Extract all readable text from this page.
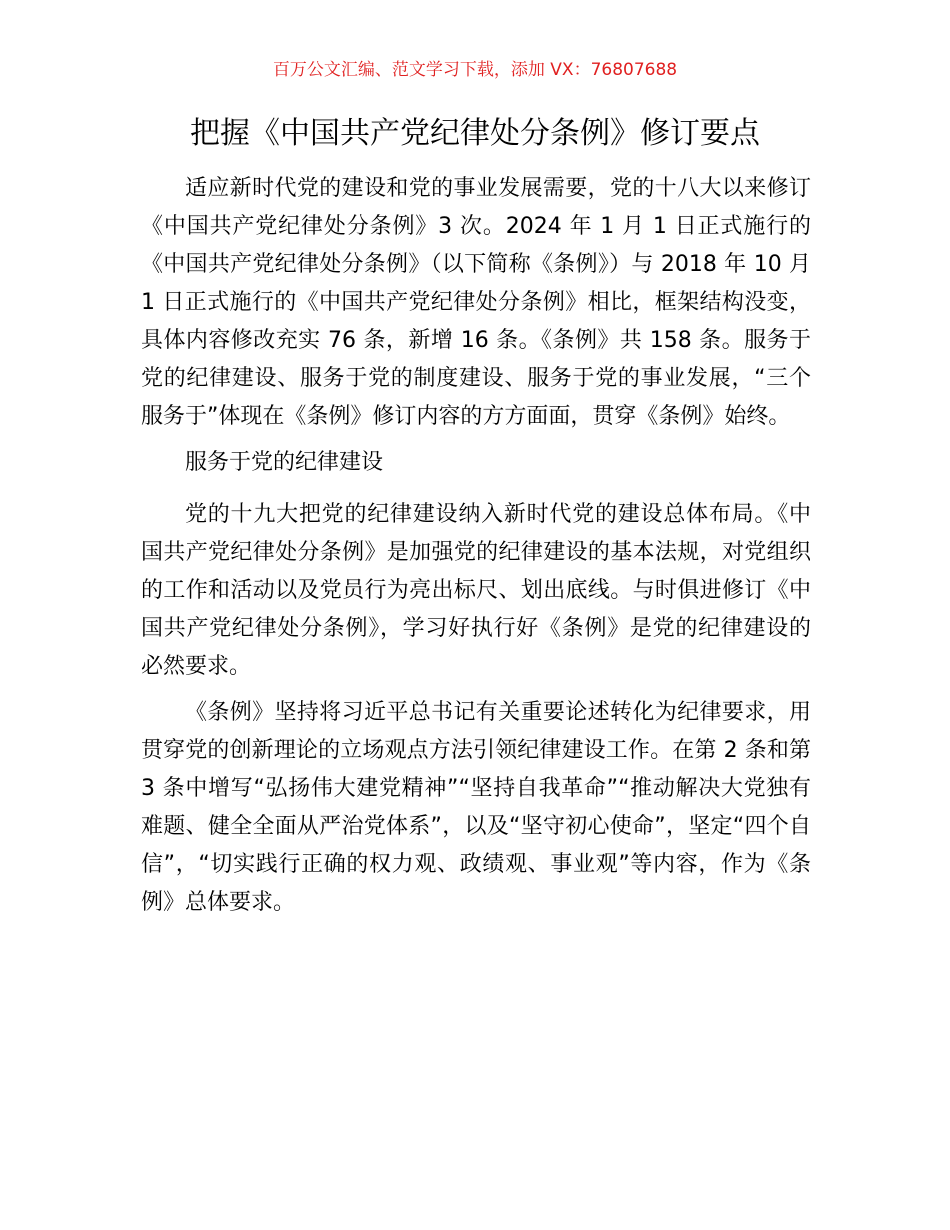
百万公文汇编、范文学习下载，添加 VX：76807688
把握《中国共产党纪律处分条例》修订要点

适应新时代党的建设和党的事业发展需要，党的十八大以来修订《中国共产党纪律处分条例》3 次。2024 年 1 月 1 日正式施行的《中国共产党纪律处分条例》（以下简称《条例》）与 2018 年 10 月 1 日正式施行的《中国共产党纪律处分条例》相比，框架结构没变，具体内容修改充实 76 条，新增 16 条。《条例》共 158 条。服务于党的纪律建设、服务于党的制度建设、服务于党的事业发展，“三个服务于”体现在《条例》修订内容的方方面面，贯穿《条例》始终。

服务于党的纪律建设

党的十九大把党的纪律建设纳入新时代党的建设总体布局。《中国共产党纪律处分条例》是加强党的纪律建设的基本法规，对党组织的工作和活动以及党员行为亮出标尺、划出底线。与时俱进修订《中国共产党纪律处分条例》，学习好执行好《条例》是党的纪律建设的必然要求。

《条例》坚持将习近平总书记有关重要论述转化为纪律要求，用贯穿党的创新理论的立场观点方法引领纪律建设工作。在第 2 条和第 3 条中增写“弘扬伟大建党精神”“坚持自我革命”“推动解决大党独有难题、健全全面从严治党体系”，以及“坚守初心使命”，坚定“四个自信”，“切实践行正确的权力观、政绩观、事业观”等内容，作为《条例》总体要求。
